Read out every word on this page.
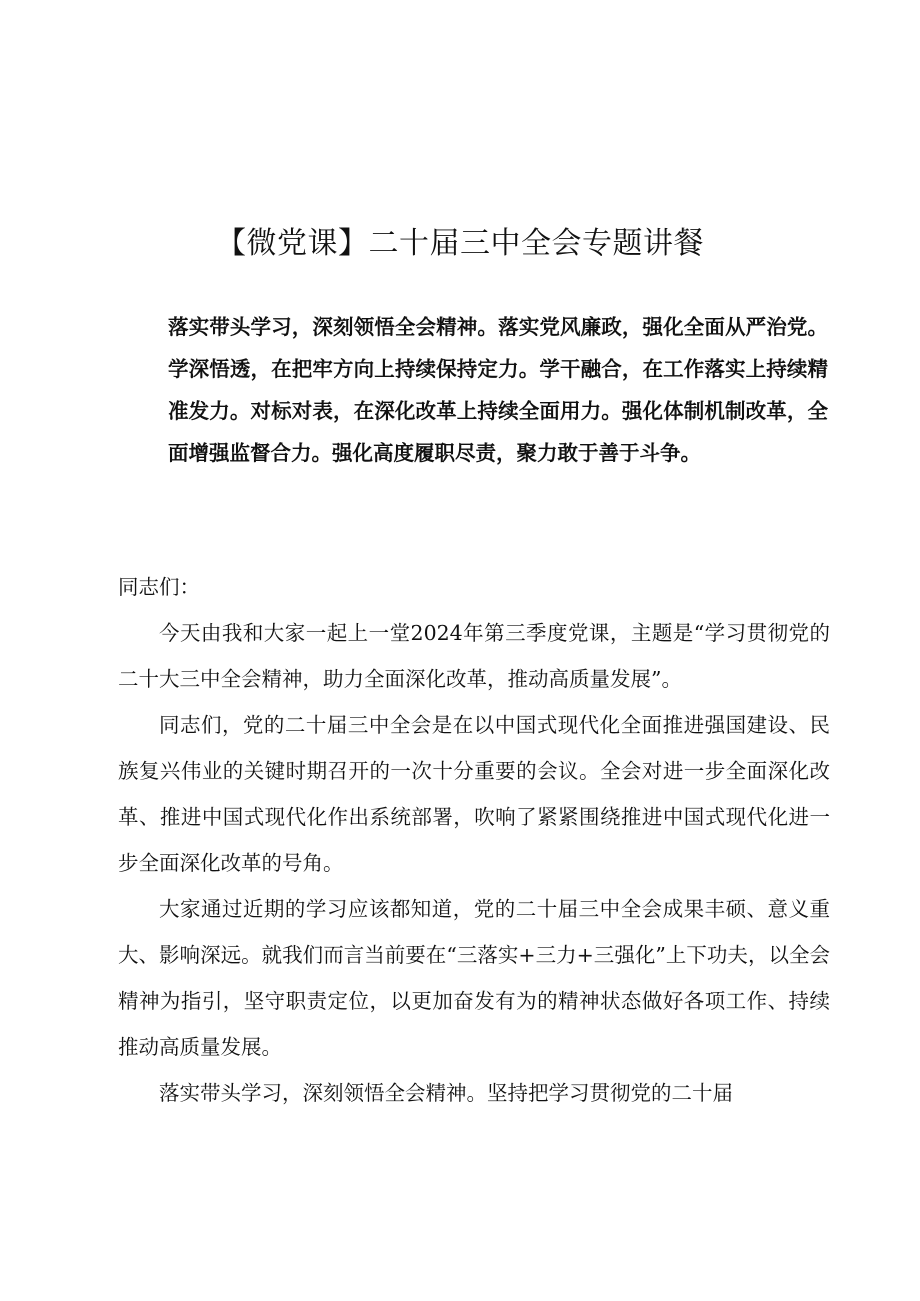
【微党课】二十届三中全会专题讲餐

落实带头学习，深刻领悟全会精神。落实党风廉政，强化全面从严治党。学深悟透，在把牢方向上持续保持定力。学干融合，在工作落实上持续精准发力。对标对表，在深化改革上持续全面用力。强化体制机制改革，全面增强监督合力。强化高度履职尽责，聚力敢于善于斗争。

同志们：

今天由我和大家一起上一堂2024年第三季度党课，主题是“学习贯彻党的二十大三中全会精神，助力全面深化改革，推动高质量发展”。

同志们，党的二十届三中全会是在以中国式现代化全面推进强国建设、民族复兴伟业的关键时期召开的一次十分重要的会议。全会对进一步全面深化改革、推进中国式现代化作出系统部署，吹响了紧紧围绕推进中国式现代化进一步全面深化改革的号角。

大家通过近期的学习应该都知道，党的二十届三中全会成果丰硕、意义重大、影响深远。就我们而言当前要在“三落实+三力+三强化”上下功夫，以全会精神为指引，坚守职责定位，以更加奋发有为的精神状态做好各项工作、持续推动高质量发展。

落实带头学习，深刻领悟全会精神。坚持把学习贯彻党的二十届
